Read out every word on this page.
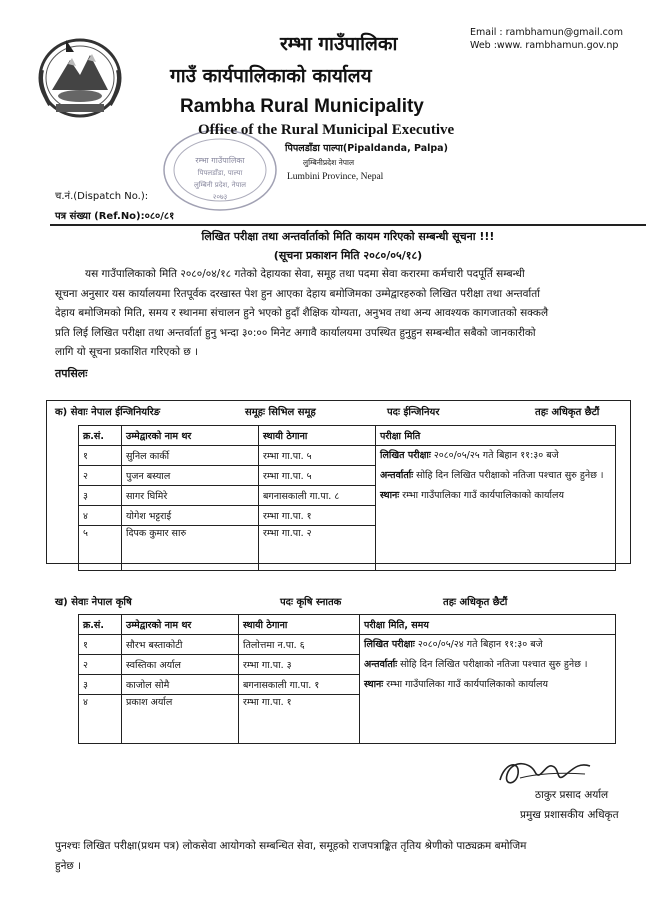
रम्भा गाउँपालिका
पिपलडाँडा, पाल्पा
लुम्बिनी प्रदेश, नेपाल
२०७३
Email : rambhamun@gmail.com
Web :www. rambhamun.gov.np
रम्भा गाउँपालिका
गाउँ कार्यपालिकाको कार्यालय
Rambha Rural Municipality
Office of the Rural Municipal Executive
पिपलडाँडा पाल्पा(Pipaldanda, Palpa)
लुम्बिनीप्रदेश नेपाल
Lumbini Province, Nepal
च.नं.(Dispatch No.):
पत्र संख्या (Ref.No):०८०/८१
लिखित परीक्षा तथा अन्तर्वार्ताको मिति कायम गरिएको सम्बन्धी सूचना !!!
(सूचना प्रकाशन मिति २०८०/०५/१८)
यस गाउँपालिकाको मिति २०८०/०४/१८ गतेको देहायका सेवा, समूह तथा पदमा सेवा करारमा कर्मचारी पदपूर्ति सम्बन्धी
सूचना अनुसार यस कार्यालयमा रितपूर्वक दरखास्त पेश हुन आएका देहाय बमोजिमका उम्मेद्वारहरुको लिखित परीक्षा तथा अन्तर्वार्ता
देहाय बमोजिमको मिति, समय र स्थानमा संचालन हुने भएको हुदाँ शैक्षिक योग्यता, अनुभव तथा अन्य आवश्यक कागजातको सक्कलै
प्रति लिई लिखित परीक्षा तथा अन्तर्वार्ता हुनु भन्दा ३०:०० मिनेट अगावै कार्यालयमा उपस्थित हुनुहुन सम्बन्धीत सबैको जानकारीको
लागि यो सूचना प्रकाशित गरिएको छ ।
तपसिलः
क) सेवाः नेपाल ईन्जिनियरिङ	समूहः सिभिल समूह	पदः ईन्जिनियर	तहः अधिकृत छैटौं
क्र.सं.	उम्मेद्वारको नाम थर	स्थायी ठेगाना	परीक्षा मिति
१	सुनिल कार्की	रम्भा गा.पा. ५	लिखित परीक्षाः २०८०/०५/२५ गते बिहान ११:३० बजे
अन्तर्वार्ताः सोहि दिन लिखित परीक्षाको नतिजा पश्चात सुरु हुनेछ ।
स्थानः रम्भा गाउँपालिका गाउँ कार्यपालिकाको कार्यालय
२	पुजन बस्याल	रम्भा गा.पा. ५	
३	सागर घिमिरे	बगनासकाली गा.पा. ८	
४	योगेश भट्टराई	रम्भा गा.पा. १	
५	दिपक कुमार सारु	रम्भा गा.पा. २	
ख) सेवाः नेपाल कृषि	पदः कृषि स्नातक	तहः अधिकृत छैटौं
क्र.सं.	उम्मेद्वारको नाम थर	स्थायी ठेगाना	परीक्षा मिति, समय
१	सौरभ बस्ताकोटी	तिलोत्तमा न.पा. ६	लिखित परीक्षाः २०८०/०५/२४ गते बिहान ११:३० बजे
अन्तर्वार्ताः सोहि दिन लिखित परीक्षाको नतिजा पश्चात सुरु हुनेछ ।
स्थानः रम्भा गाउँपालिका गाउँ कार्यपालिकाको कार्यालय
२	स्वस्तिका अर्याल	रम्भा गा.पा. ३	
३	काजोल सोमै	बगनासकाली गा.पा. १	
४	प्रकाश अर्याल	रम्भा गा.पा. १	
ठाकुर प्रसाद अर्याल
प्रमुख प्रशासकीय अधिकृत
पुनश्चः लिखित परीक्षा(प्रथम पत्र) लोकसेवा आयोगको सम्बन्धित सेवा, समूहको राजपत्राङ्कित तृतिय श्रेणीको पाठ्यक्रम बमोजिम
हुनेछ ।
